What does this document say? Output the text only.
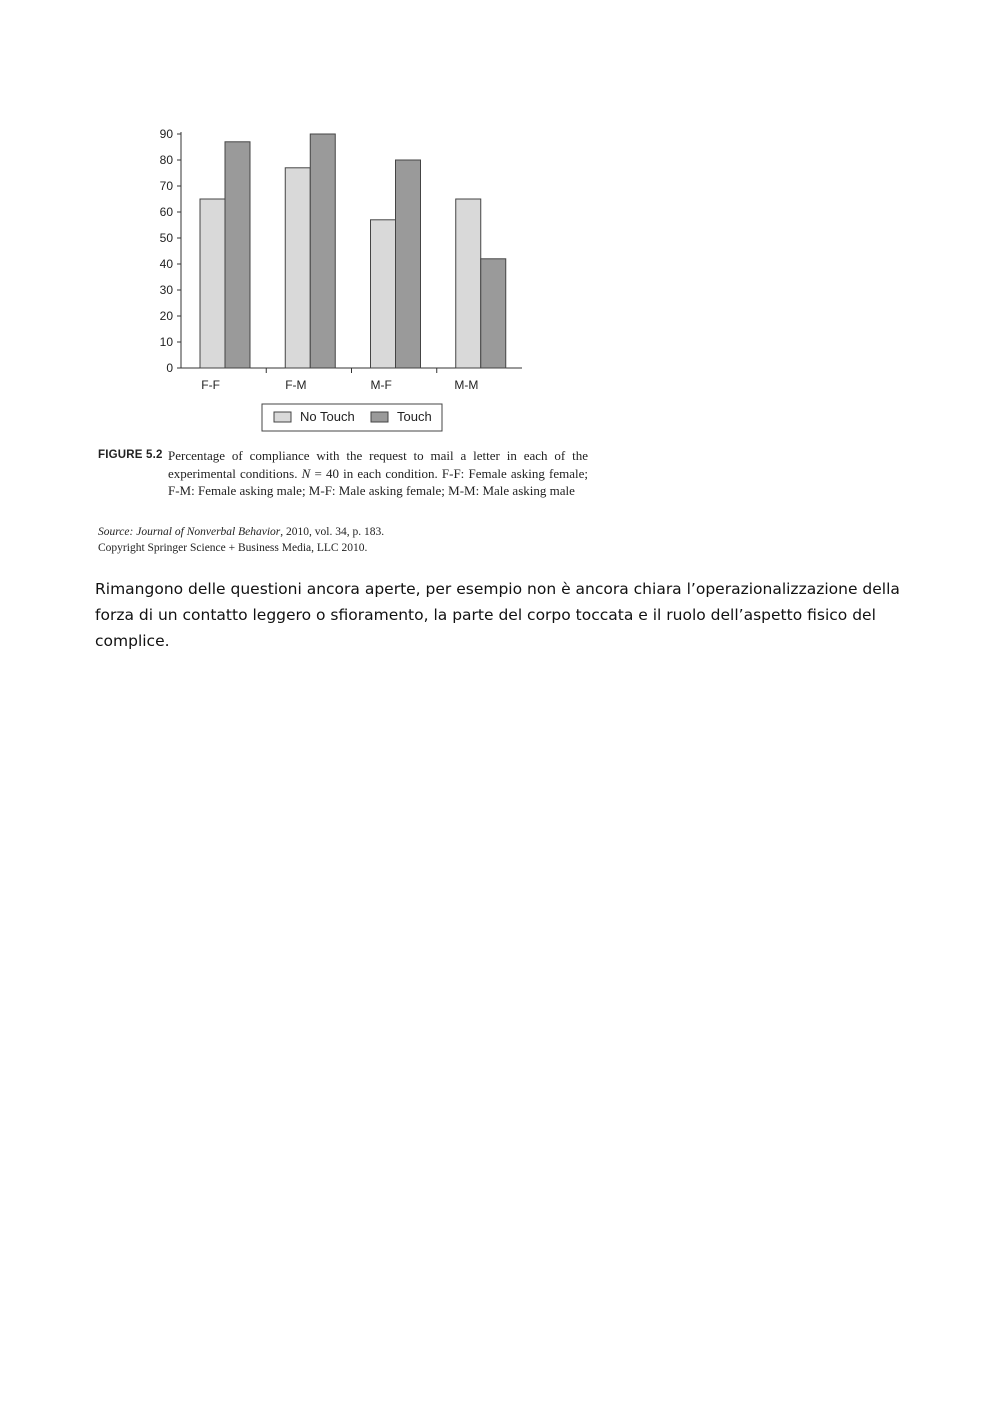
0
10
20
30
40
50
60
70
80
90
F-F	F-M	M-F	M-M
No Touch	Touch
FIGURE 5.2 Percentage of compliance with the request to mail a letter in each of the experimental conditions. N = 40 in each condition. F-F: Female asking female; F-M: Female asking male; M-F: Male asking female; M-M: Male asking male
Source: Journal of Nonverbal Behavior, 2010, vol. 34, p. 183.
Copyright Springer Science + Business Media, LLC 2010.

Rimangono delle questioni ancora aperte, per esempio non è ancora chiara l’operazionalizzazione della forza di un contatto leggero o sfioramento, la parte del corpo toccata e il ruolo dell’aspetto fisico del complice.
